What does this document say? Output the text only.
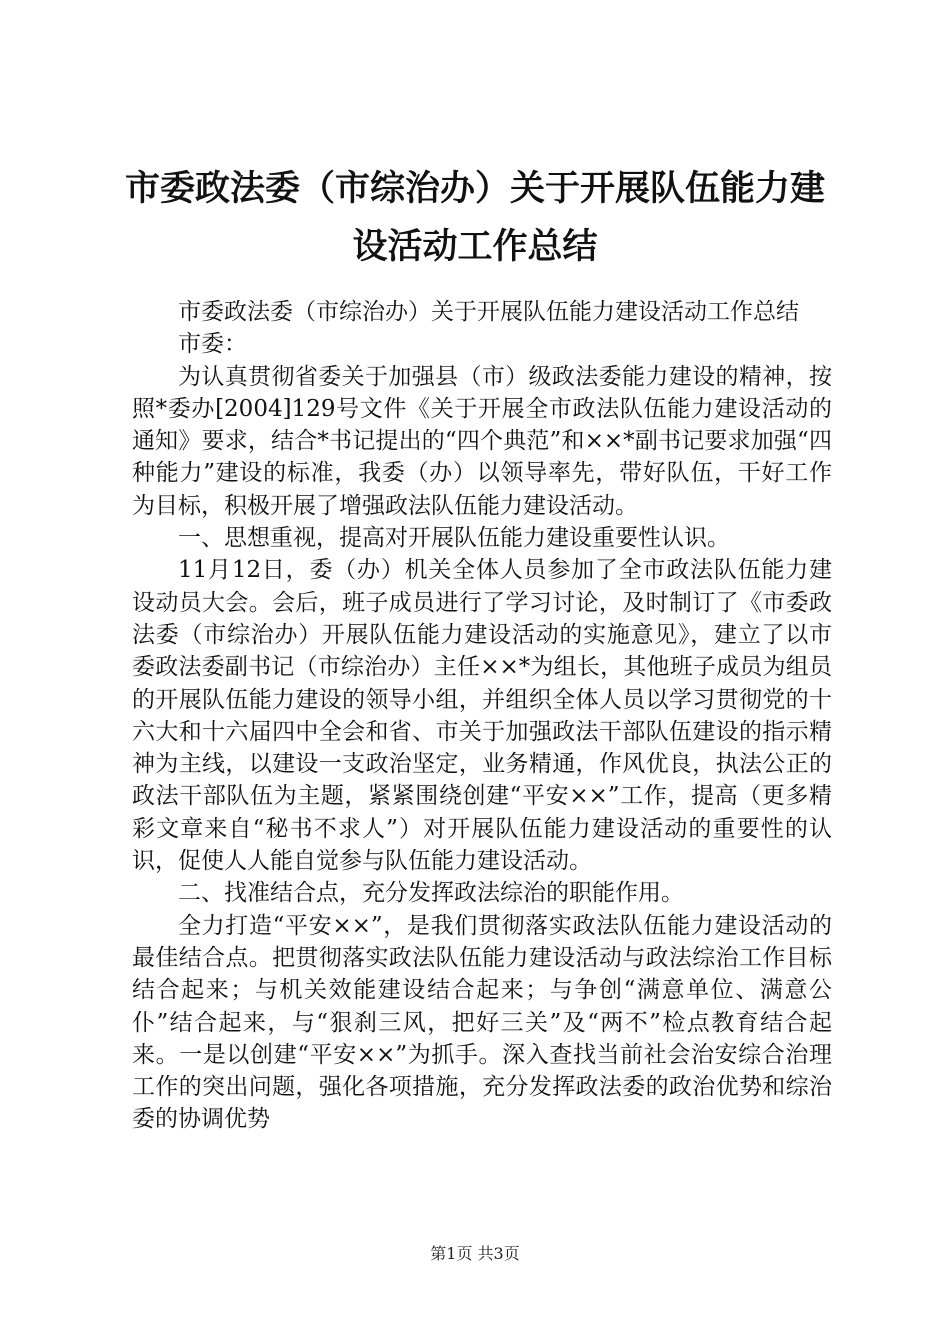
市委政法委（市综治办）关于开展队伍能力建
设活动工作总结

市委政法委（市综治办）关于开展队伍能力建设活动工作总结

市委：

为认真贯彻省委关于加强县（市）级政法委能力建设的精神，按照*委办[2004]129号文件《关于开展全市政法队伍能力建设活动的通知》要求，结合*书记提出的“四个典范”和××*副书记要求加强“四种能力”建设的标准，我委（办）以领导率先，带好队伍，干好工作为目标，积极开展了增强政法队伍能力建设活动。

一、思想重视，提高对开展队伍能力建设重要性认识。

11月12日，委（办）机关全体人员参加了全市政法队伍能力建设动员大会。会后，班子成员进行了学习讨论，及时制订了《市委政法委（市综治办）开展队伍能力建设活动的实施意见》，建立了以市委政法委副书记（市综治办）主任××*为组长，其他班子成员为组员的开展队伍能力建设的领导小组，并组织全体人员以学习贯彻党的十六大和十六届四中全会和省、市关于加强政法干部队伍建设的指示精神为主线，以建设一支政治坚定，业务精通，作风优良，执法公正的政法干部队伍为主题，紧紧围绕创建“平安××”工作，提高（更多精彩文章来自“秘书不求人”）对开展队伍能力建设活动的重要性的认识，促使人人能自觉参与队伍能力建设活动。

二、找准结合点，充分发挥政法综治的职能作用。

全力打造“平安××”，是我们贯彻落实政法队伍能力建设活动的最佳结合点。把贯彻落实政法队伍能力建设活动与政法综治工作目标结合起来；与机关效能建设结合起来；与争创“满意单位、满意公仆”结合起来，与“狠刹三风，把好三关”及“两不”检点教育结合起来。一是以创建“平安××”为抓手。深入查找当前社会治安综合治理工作的突出问题，强化各项措施，充分发挥政法委的政治优势和综治委的协调优势

第1页 共3页
